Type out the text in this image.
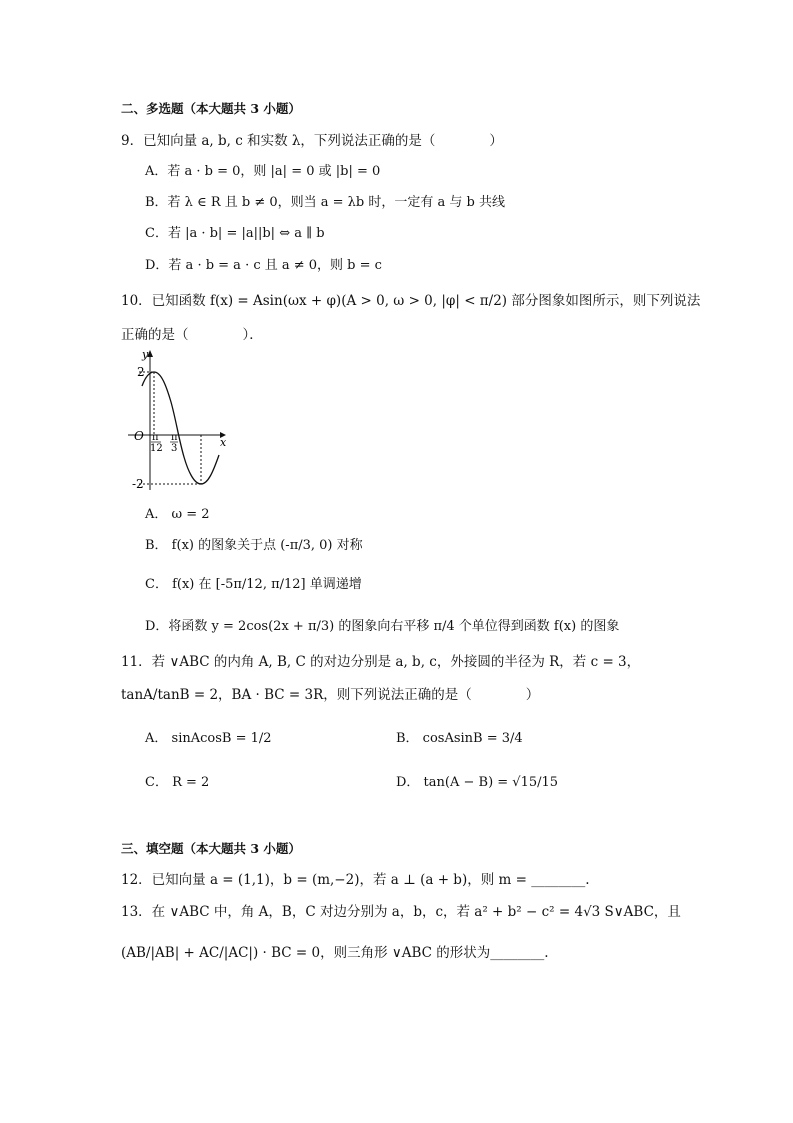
二、多选题（本大题共 3 小题）
9．已知向量 a, b, c 和实数 λ，下列说法正确的是（　　　　）
A．若 a · b = 0，则 |a| = 0 或 |b| = 0
B．若 λ ∈ R 且 b ≠ 0，则当 a = λb 时，一定有 a 与 b 共线
C．若 |a · b| = |a||b| ⇔ a ∥ b
D．若 a · b = a · c 且 a ≠ 0，则 b = c
10．已知函数 f(x) = Asin(ωx + φ)(A > 0, ω > 0, |φ| < π/2) 部分图象如图所示，则下列说法
正确的是（　　　　）．
y
x
O
2
-2
π
12
π
3
A． ω = 2
B． f(x) 的图象关于点 (-π/3, 0) 对称
C． f(x) 在 [-5π/12, π/12] 单调递增
D．将函数 y = 2cos(2x + π/3) 的图象向右平移 π/4 个单位得到函数 f(x) 的图象
11．若 ∨ABC 的内角 A, B, C 的对边分别是 a, b, c，外接圆的半径为 R，若 c = 3，
tanA/tanB = 2，BA · BC = 3R，则下列说法正确的是（　　　　）
A． sinAcosB = 1/2	B． cosAsinB = 3/4
C． R = 2	D． tan(A − B) = √15/15
三、填空题（本大题共 3 小题）
12．已知向量 a = (1,1)，b = (m,−2)，若 a ⊥ (a + b)，则 m = ________.
13．在 ∨ABC 中，角 A，B，C 对边分别为 a，b，c，若 a² + b² − c² = 4√3 S∨ABC，且
(AB/|AB| + AC/|AC|) · BC = 0，则三角形 ∨ABC 的形状为________.
